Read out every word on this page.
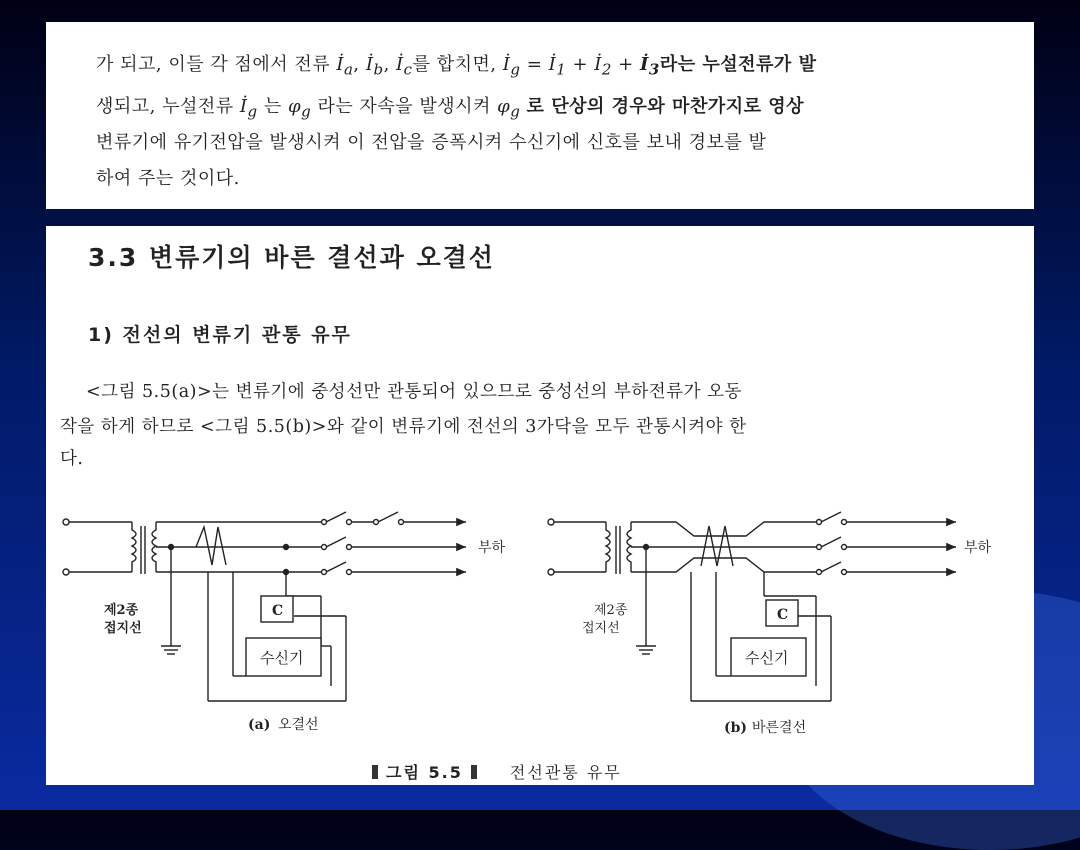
가 되고, 이들 각 점에서 전류 $İ_a$, $İ_b$, $İ_c$를 합치면, $İ_g$ = $İ_1$ + $İ_2$ + $İ_3$라는 누설전류가 발
생되고, 누설전류 $İ_g$ 는 $\varphi_g$ 라는 자속을 발생시켜 $\varphi_g$ 로 단상의 경우와 마찬가지로 영상
변류기에 유기전압을 발생시켜 이 전압을 증폭시켜 수신기에 신호를 보내 경보를 발
하여 주는 것이다.
3.3 변류기의 바른 결선과 오결선
1) 전선의 변류기 관통 유무
<그림 5.5(a)>는 변류기에 중성선만 관통되어 있으므로 중성선의 부하전류가 오동
작을 하게 하므로 <그림 5.5(b)>와 같이 변류기에 전선의 3가닥을 모두 관통시켜야 한
다.
부하
제2종
접지선
C
수신기
(a) 오결선
부하
제2종
접지선
C
수신기
(b) 바른결선
그림 5.5	전선관통 유무
